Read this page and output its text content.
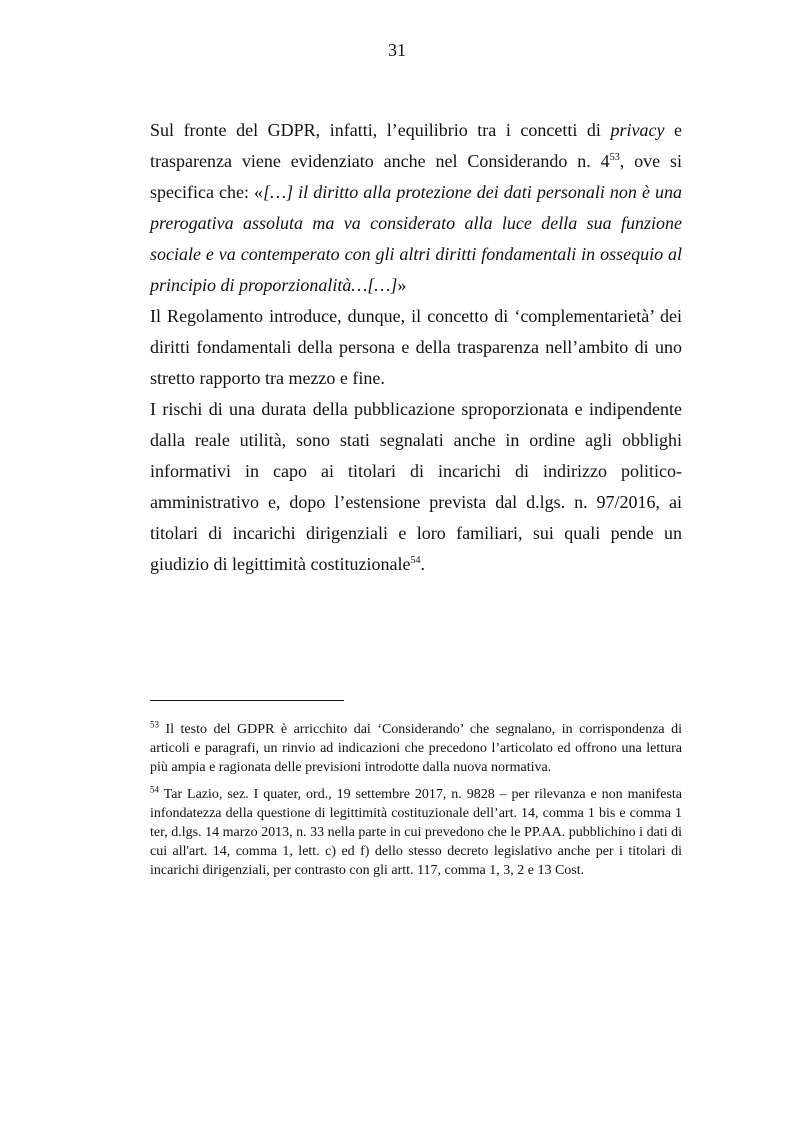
31

Sul fronte del GDPR, infatti, l’equilibrio tra i concetti di privacy e trasparenza viene evidenziato anche nel Considerando n. $4^{53}$, ove si specifica che: «[…] il diritto alla protezione dei dati personali non è una prerogativa assoluta ma va considerato alla luce della sua funzione sociale e va contemperato con gli altri diritti fondamentali in ossequio al principio di proporzionalità…[…]»

Il Regolamento introduce, dunque, il concetto di ‘complementarietà’ dei diritti fondamentali della persona e della trasparenza nell’ambito di uno stretto rapporto tra mezzo e fine.

I rischi di una durata della pubblicazione sproporzionata e indipendente dalla reale utilità, sono stati segnalati anche in ordine agli obblighi informativi in capo ai titolari di incarichi di indirizzo politico-amministrativo e, dopo l’estensione prevista dal d.lgs. n. 97/2016, ai titolari di incarichi dirigenziali e loro familiari, sui quali pende un giudizio di legittimità costituzionale$^{54}$.

$^{53}$ Il testo del GDPR è arricchito dai ‘Considerando’ che segnalano, in corrispondenza di articoli e paragrafi, un rinvio ad indicazioni che precedono l’articolato ed offrono una lettura più ampia e ragionata delle previsioni introdotte dalla nuova normativa.

$^{54}$ Tar Lazio, sez. I quater, ord., 19 settembre 2017, n. 9828 – per rilevanza e non manifesta infondatezza della questione di legittimità costituzionale dell’art. 14, comma 1 bis e comma 1 ter, d.lgs. 14 marzo 2013, n. 33 nella parte in cui prevedono che le PP.AA. pubblichino i dati di cui all'art. 14, comma 1, lett. c) ed f) dello stesso decreto legislativo anche per i titolari di incarichi dirigenziali, per contrasto con gli artt. 117, comma 1, 3, 2 e 13 Cost.
